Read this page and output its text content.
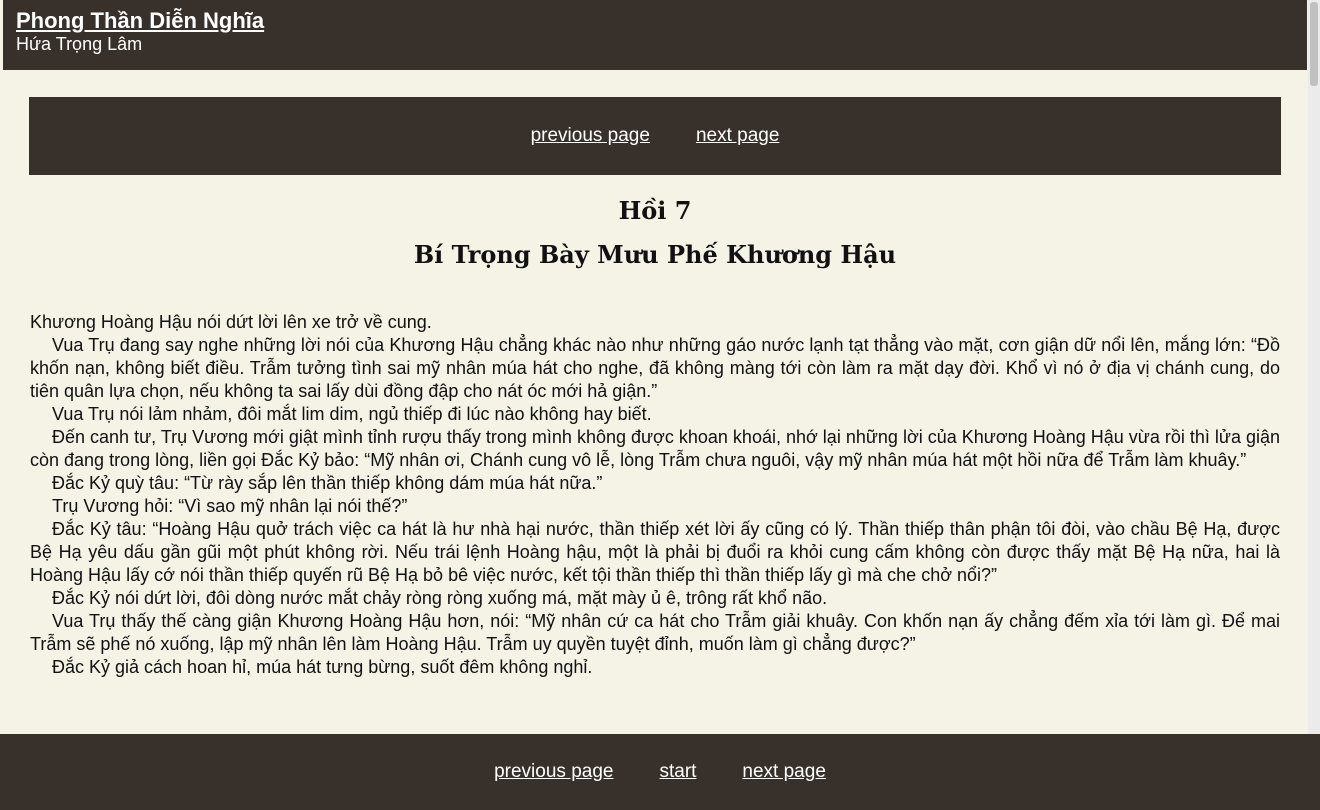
Phong Thần Diễn Nghĩa
Hứa Trọng Lâm
previous page next page
Hồi 7
Bí Trọng Bày Mưu Phế Khương Hậu

Khương Hoàng Hậu nói dứt lời lên xe trở về cung.

Vua Trụ đang say nghe những lời nói của Khương Hậu chẳng khác nào như những gáo nước lạnh tạt thẳng vào mặt, cơn giận dữ nổi lên, mắng lớn: “Đồ khốn nạn, không biết điều. Trẫm tưởng tình sai mỹ nhân múa hát cho nghe, đã không màng tới còn làm ra mặt dạy đời. Khổ vì nó ở địa vị chánh cung, do tiên quân lựa chọn, nếu không ta sai lấy dùi đồng đập cho nát óc mới hả giận.”

Vua Trụ nói lảm nhảm, đôi mắt lim dim, ngủ thiếp đi lúc nào không hay biết.

Đến canh tư, Trụ Vương mới giật mình tỉnh rượu thấy trong mình không được khoan khoái, nhớ lại những lời của Khương Hoàng Hậu vừa rồi thì lửa giận còn đang trong lòng, liền gọi Đắc Kỷ bảo: “Mỹ nhân ơi, Chánh cung vô lễ, lòng Trẫm chưa nguôi, vậy mỹ nhân múa hát một hồi nữa để Trẫm làm khuây.”

Đắc Kỷ quỳ tâu: “Từ rày sắp lên thần thiếp không dám múa hát nữa.”

Trụ Vương hỏi: “Vì sao mỹ nhân lại nói thế?”

Đắc Kỷ tâu: “Hoàng Hậu quở trách việc ca hát là hư nhà hại nước, thần thiếp xét lời ấy cũng có lý. Thần thiếp thân phận tôi đòi, vào chầu Bệ Hạ, được Bệ Hạ yêu dấu gần gũi một phút không rời. Nếu trái lệnh Hoàng hậu, một là phải bị đuổi ra khỏi cung cấm không còn được thấy mặt Bệ Hạ nữa, hai là Hoàng Hậu lấy cớ nói thần thiếp quyến rũ Bệ Hạ bỏ bê việc nước, kết tội thần thiếp thì thần thiếp lấy gì mà che chở nổi?”

Đắc Kỷ nói dứt lời, đôi dòng nước mắt chảy ròng ròng xuống má, mặt mày ủ ê, trông rất khổ não.

Vua Trụ thấy thế càng giận Khương Hoàng Hậu hơn, nói: “Mỹ nhân cứ ca hát cho Trẫm giải khuây. Con khốn nạn ấy chẳng đếm xỉa tới làm gì. Để mai Trẫm sẽ phế nó xuống, lập mỹ nhân lên làm Hoàng Hậu. Trẫm uy quyền tuyệt đỉnh, muốn làm gì chẳng được?”

Đắc Kỷ giả cách hoan hỉ, múa hát tưng bừng, suốt đêm không nghỉ.

previous page start next page
